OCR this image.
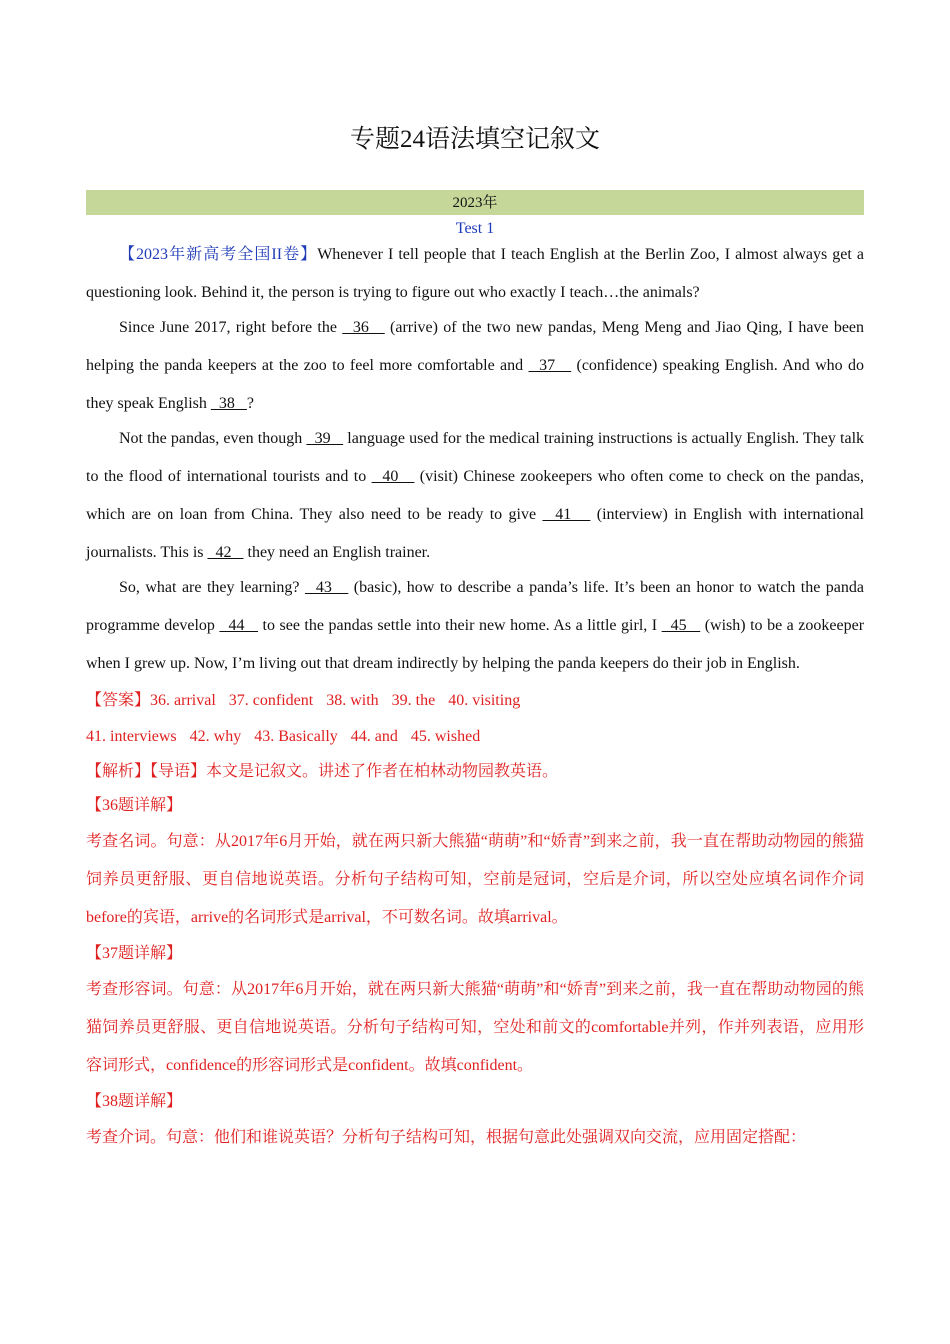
专题24语法填空记叙文
2023年
Test 1

【2023年新高考全国II卷】Whenever I tell people that I teach English at the Berlin Zoo, I almost always get a questioning look. Behind it, the person is trying to figure out who exactly I teach…the animals?

Since June 2017, right before the   36    (arrive) of the two new pandas, Meng Meng and Jiao Qing, I have been helping the panda keepers at the zoo to feel more comfortable and   37    (confidence) speaking English. And who do they speak English   38   ?

Not the pandas, even though   39    language used for the medical training instructions is actually English. They talk to the flood of international tourists and to   40    (visit) Chinese zookeepers who often come to check on the pandas, which are on loan from China. They also need to be ready to give   41    (interview) in English with international journalists. This is   42    they need an English trainer.

So, what are they learning?   43    (basic), how to describe a panda’s life. It’s been an honor to watch the panda programme develop   44    to see the pandas settle into their new home. As a little girl, I   45    (wish) to be a zookeeper when I grew up. Now, I’m living out that dream indirectly by helping the panda keepers do their job in English.

【答案】36. arrival 37. confident 38. with 39. the 40. visiting

41. interviews 42. why 43. Basically 44. and 45. wished

【解析】【导语】本文是记叙文。讲述了作者在柏林动物园教英语。

【36题详解】

考查名词。句意：从2017年6月开始，就在两只新大熊猫“萌萌”和“娇青”到来之前，我一直在帮助动物园的熊猫饲养员更舒服、更自信地说英语。分析句子结构可知，空前是冠词，空后是介词，所以空处应填名词作介词before的宾语，arrive的名词形式是arrival，不可数名词。故填arrival。

【37题详解】

考查形容词。句意：从2017年6月开始，就在两只新大熊猫“萌萌”和“娇青”到来之前，我一直在帮助动物园的熊猫饲养员更舒服、更自信地说英语。分析句子结构可知，空处和前文的comfortable并列，作并列表语，应用形容词形式，confidence的形容词形式是confident。故填confident。

【38题详解】

考查介词。句意：他们和谁说英语？分析句子结构可知，根据句意此处强调双向交流，应用固定搭配：
